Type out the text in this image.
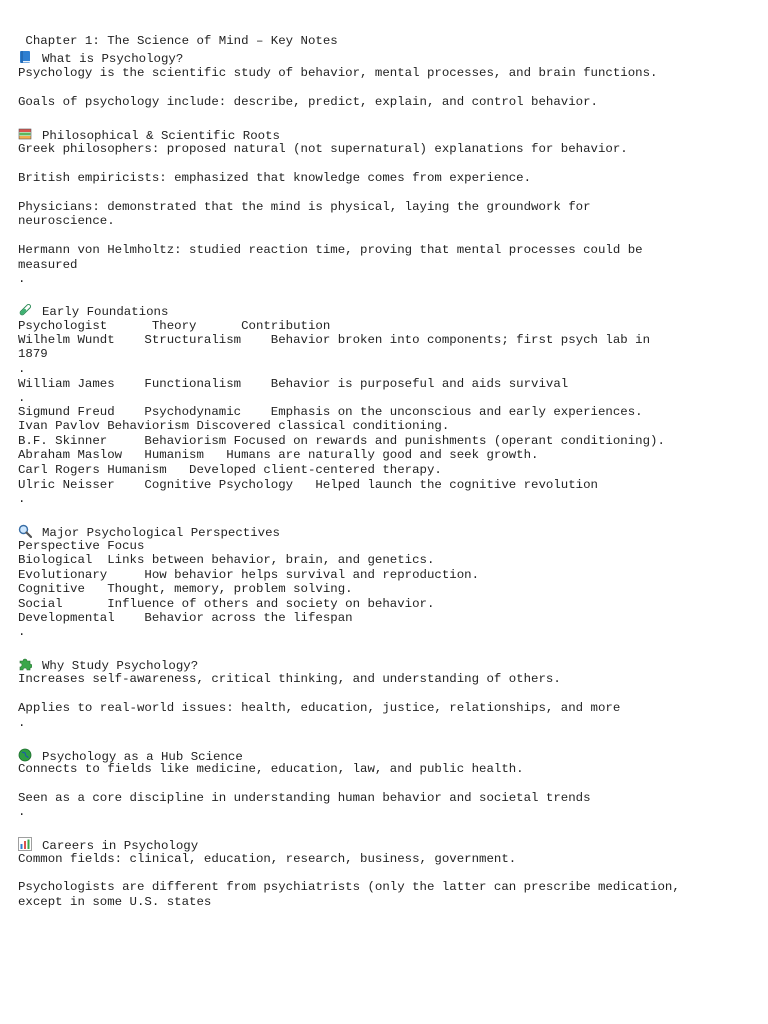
Chapter 1: The Science of Mind – Key Notes
What is Psychology?
Psychology is the scientific study of behavior, mental processes, and brain functions.
Goals of psychology include: describe, predict, explain, and control behavior.
Philosophical & Scientific Roots
Greek philosophers: proposed natural (not supernatural) explanations for behavior.
British empiricists: emphasized that knowledge comes from experience.
Physicians: demonstrated that the mind is physical, laying the groundwork for
neuroscience.
Hermann von Helmholtz: studied reaction time, proving that mental processes could be
measured
.
Early Foundations
Psychologist      Theory      Contribution
Wilhelm Wundt    Structuralism    Behavior broken into components; first psych lab in
1879
.
William James    Functionalism    Behavior is purposeful and aids survival
.
Sigmund Freud    Psychodynamic    Emphasis on the unconscious and early experiences.
Ivan Pavlov Behaviorism Discovered classical conditioning.
B.F. Skinner     Behaviorism Focused on rewards and punishments (operant conditioning).
Abraham Maslow   Humanism   Humans are naturally good and seek growth.
Carl Rogers Humanism   Developed client-centered therapy.
Ulric Neisser    Cognitive Psychology   Helped launch the cognitive revolution
.
Major Psychological Perspectives
Perspective Focus
Biological  Links between behavior, brain, and genetics.
Evolutionary     How behavior helps survival and reproduction.
Cognitive   Thought, memory, problem solving.
Social      Influence of others and society on behavior.
Developmental    Behavior across the lifespan
.
Why Study Psychology?
Increases self-awareness, critical thinking, and understanding of others.
Applies to real-world issues: health, education, justice, relationships, and more
.
Psychology as a Hub Science
Connects to fields like medicine, education, law, and public health.
Seen as a core discipline in understanding human behavior and societal trends
.
Careers in Psychology
Common fields: clinical, education, research, business, government.
Psychologists are different from psychiatrists (only the latter can prescribe medication,
except in some U.S. states
